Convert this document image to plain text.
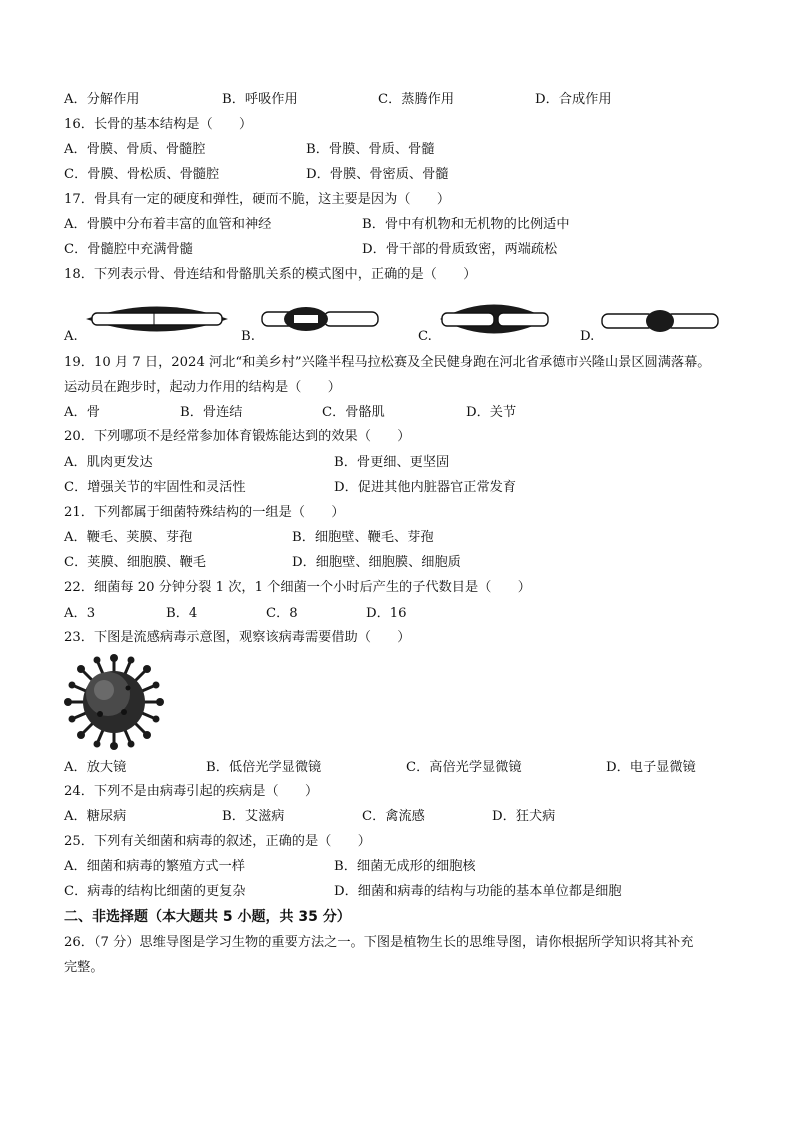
A．分解作用	B．呼吸作用	C．蒸腾作用	D．合成作用
16．长骨的基本结构是（　　）
A．骨膜、骨质、骨髓腔	B．骨膜、骨质、骨髓
C．骨膜、骨松质、骨髓腔	D．骨膜、骨密质、骨髓
17．骨具有一定的硬度和弹性，硬而不脆，这主要是因为（　　）
A．骨膜中分布着丰富的血管和神经	B．骨中有机物和无机物的比例适中
C．骨髓腔中充满骨髓	D．骨干部的骨质致密，两端疏松
18．下列表示骨、骨连结和骨骼肌关系的模式图中，正确的是（　　）
A.	B.	C.	D.
19．10 月 7 日，2024 河北“和美乡村”兴隆半程马拉松赛及全民健身跑在河北省承德市兴隆山景区圆满落幕。
运动员在跑步时，起动力作用的结构是（　　）
A．骨	B．骨连结	C．骨骼肌	D．关节
20．下列哪项不是经常参加体育锻炼能达到的效果（　　）
A．肌肉更发达	B．骨更细、更坚固
C．增强关节的牢固性和灵活性	D．促进其他内脏器官正常发育
21．下列都属于细菌特殊结构的一组是（　　）
A．鞭毛、荚膜、芽孢	B．细胞壁、鞭毛、芽孢
C．荚膜、细胞膜、鞭毛	D．细胞壁、细胞膜、细胞质
22．细菌每 20 分钟分裂 1 次，1 个细菌一个小时后产生的子代数目是（　　）
A．3	B．4	C．8	D．16
23．下图是流感病毒示意图，观察该病毒需要借助（　　）
A．放大镜	B．低倍光学显微镜	C．高倍光学显微镜	D．电子显微镜
24．下列不是由病毒引起的疾病是（　　）
A．糖尿病	B．艾滋病	C．禽流感	D．狂犬病
25．下列有关细菌和病毒的叙述，正确的是（　　）
A．细菌和病毒的繁殖方式一样	B．细菌无成形的细胞核
C．病毒的结构比细菌的更复杂	D．细菌和病毒的结构与功能的基本单位都是细胞
二、非选择题（本大题共 5 小题，共 35 分）
26．（7 分）思维导图是学习生物的重要方法之一。下图是植物生长的思维导图，请你根据所学知识将其补充
完整。
